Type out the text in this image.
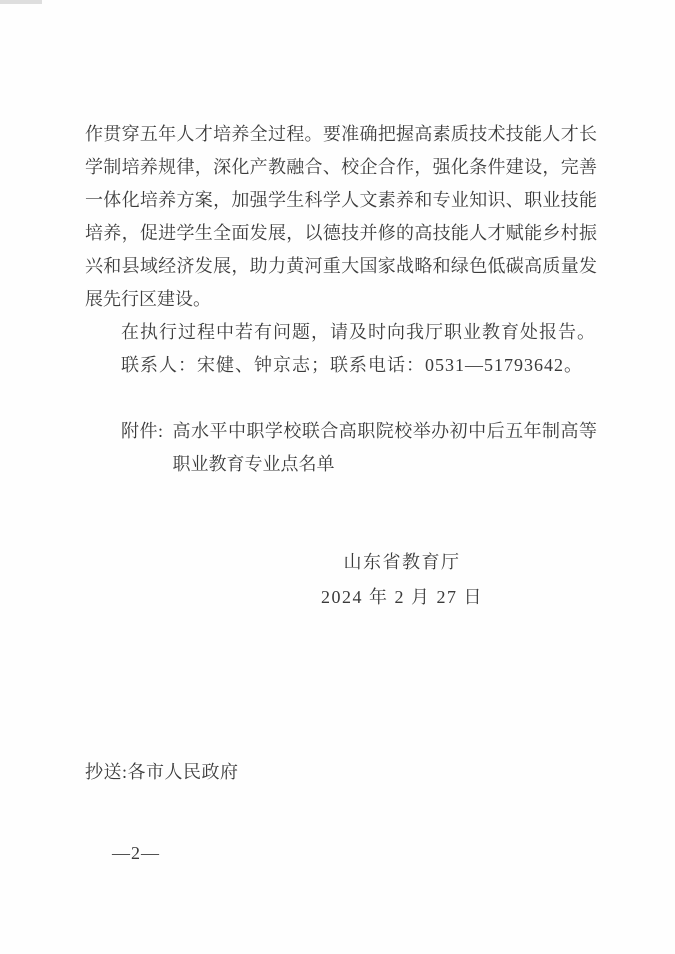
作贯穿五年人才培养全过程。要准确把握高素质技术技能人才长
学制培养规律，深化产教融合、校企合作，强化条件建设，完善
一体化培养方案，加强学生科学人文素养和专业知识、职业技能
培养，促进学生全面发展，以德技并修的高技能人才赋能乡村振
兴和县域经济发展，助力黄河重大国家战略和绿色低碳高质量发
展先行区建设。
在执行过程中若有问题，请及时向我厅职业教育处报告。
联系人：宋健、钟京志；联系电话：0531—51793642。
附件: 高水平中职学校联合高职院校举办初中后五年制高等
职业教育专业点名单
山东省教育厅
2024 年 2 月 27 日
抄送:各市人民政府
—2—
